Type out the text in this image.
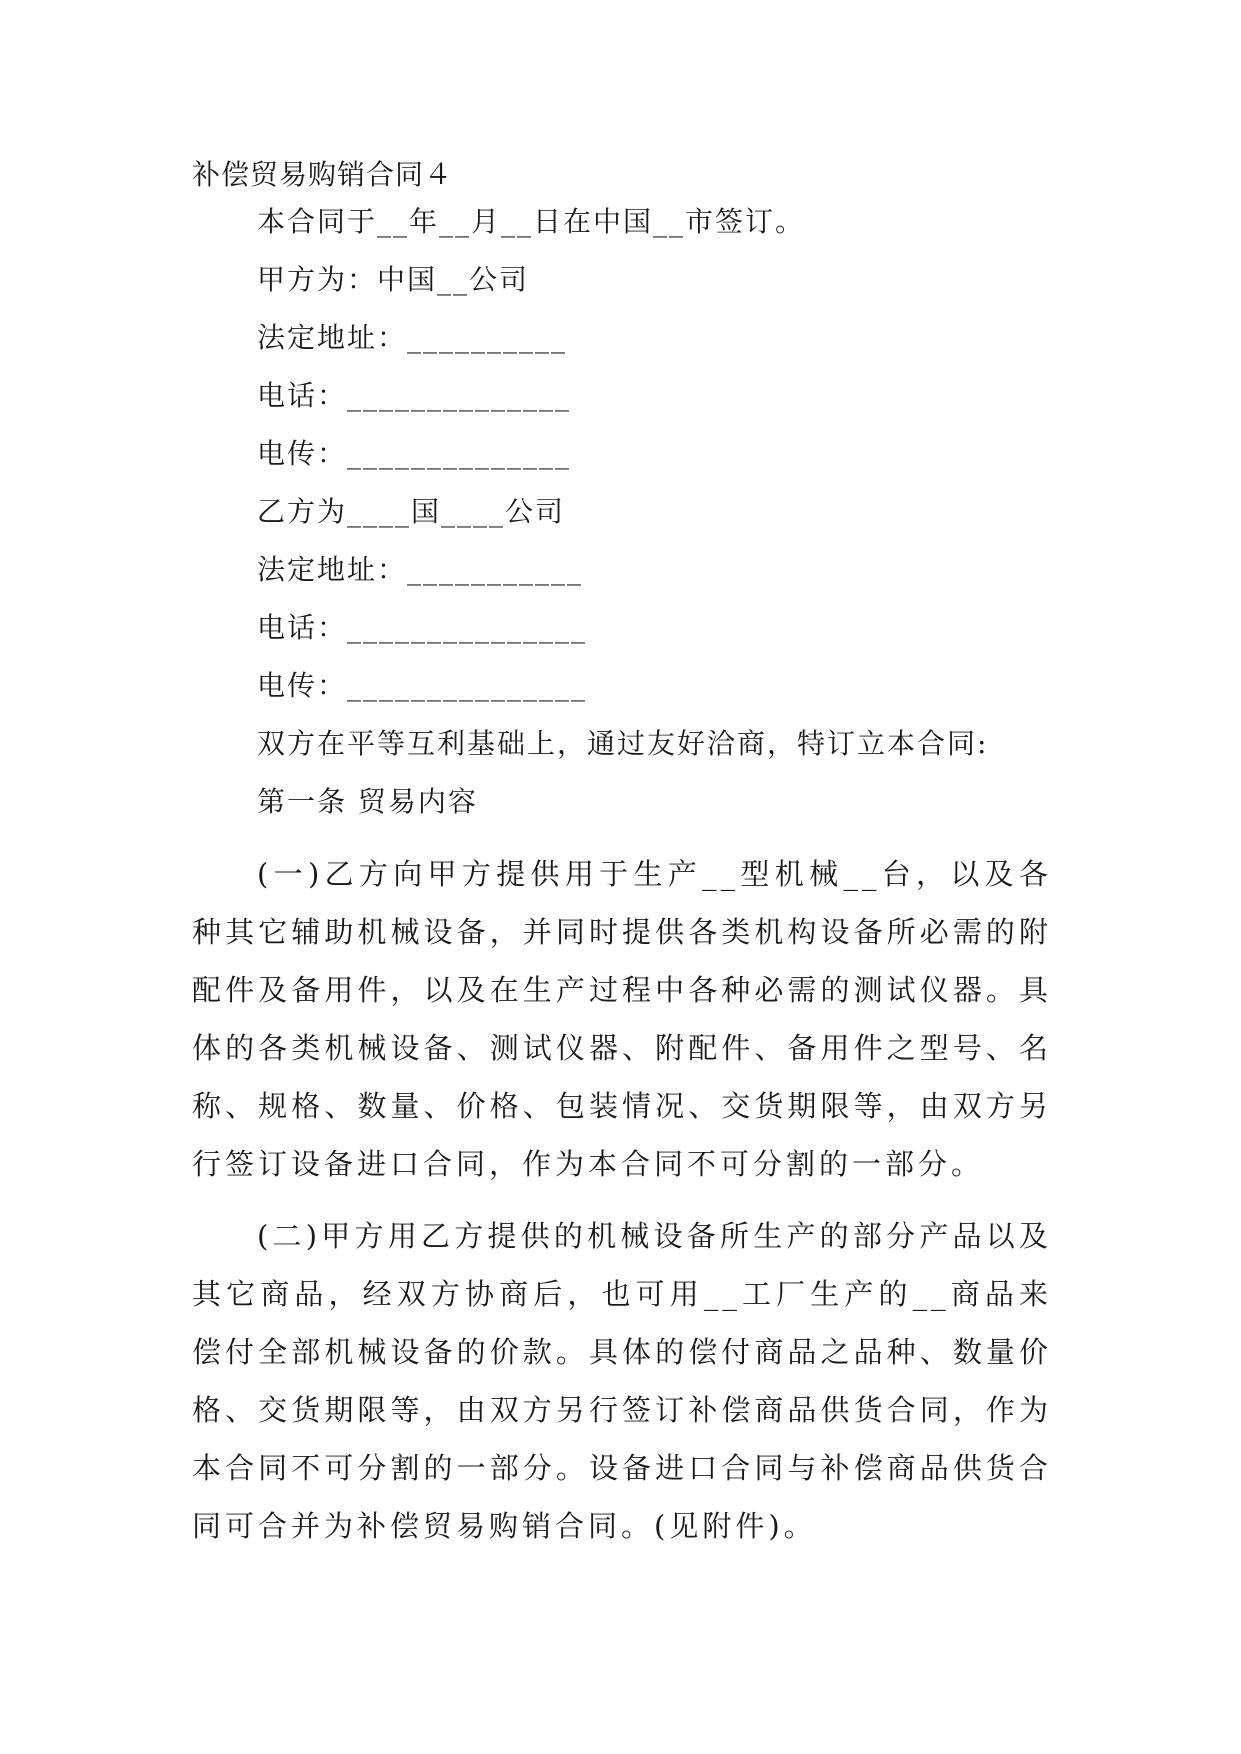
补偿贸易购销合同４
本合同于__年__月__日在中国__市签订。
甲方为：中国__公司
法定地址：__________
电话：______________
电传：______________
乙方为____国____公司
法定地址：___________
电话：_______________
电传：_______________
双方在平等互利基础上，通过友好洽商，特订立本合同:
第一条 贸易内容

(一)乙方向甲方提供用于生产__型机械__台，以及各种其它辅助机械设备，并同时提供各类机构设备所必需的附配件及备用件，以及在生产过程中各种必需的测试仪器。具体的各类机械设备、测试仪器、附配件、备用件之型号、名称、规格、数量、价格、包装情况、交货期限等，由双方另行签订设备进口合同，作为本合同不可分割的一部分。

(二)甲方用乙方提供的机械设备所生产的部分产品以及其它商品，经双方协商后，也可用__工厂生产的__商品来偿付全部机械设备的价款。具体的偿付商品之品种、数量价格、交货期限等，由双方另行签订补偿商品供货合同，作为本合同不可分割的一部分。设备进口合同与补偿商品供货合同可合并为补偿贸易购销合同。(见附件)。
